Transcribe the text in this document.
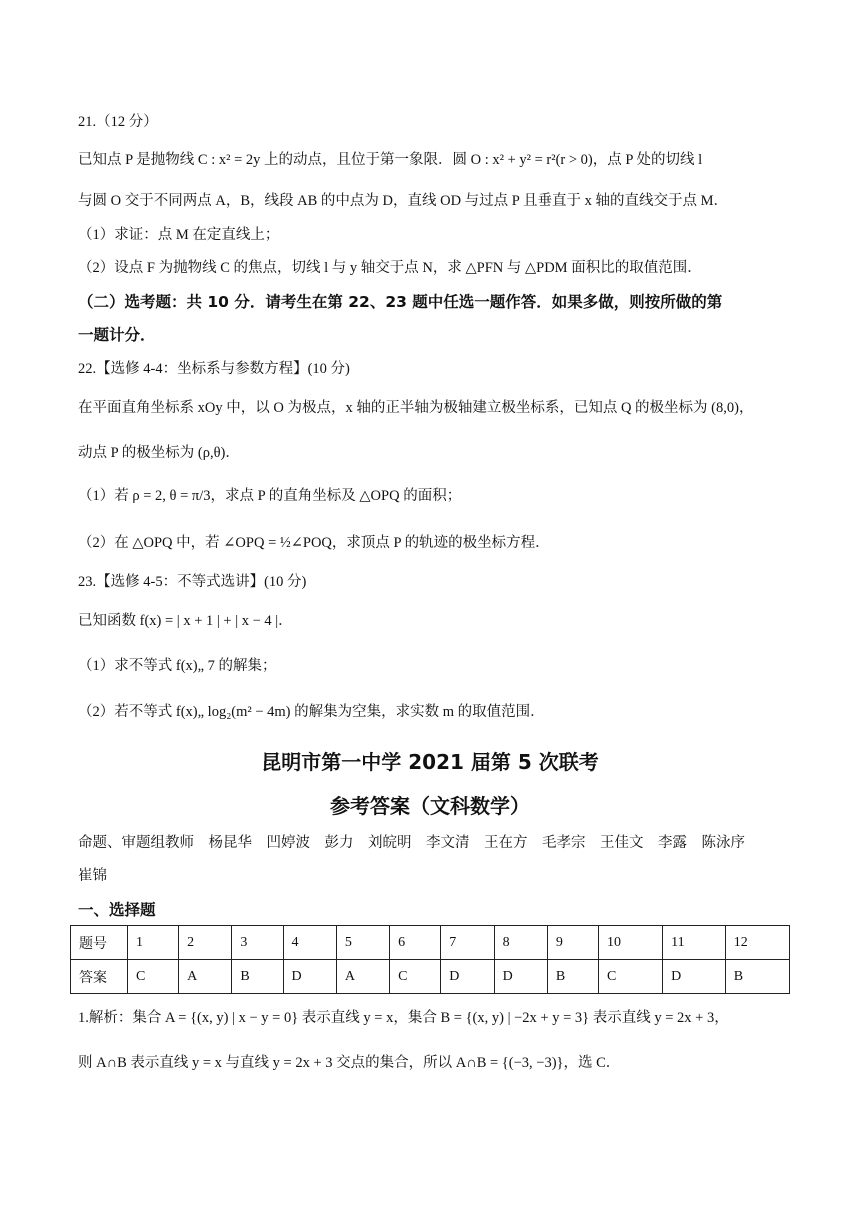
21.（12 分）
已知点 P 是抛物线 C : x² = 2y 上的动点，且位于第一象限．圆 O : x² + y² = r²(r > 0)，点 P 处的切线 l
与圆 O 交于不同两点 A，B，线段 AB 的中点为 D，直线 OD 与过点 P 且垂直于 x 轴的直线交于点 M．
（1）求证：点 M 在定直线上；
（2）设点 F 为抛物线 C 的焦点，切线 l 与 y 轴交于点 N，求 △PFN 与 △PDM 面积比的取值范围．
（二）选考题：共 10 分．请考生在第 22、23 题中任选一题作答．如果多做，则按所做的第
一题计分．
22.【选修 4-4：坐标系与参数方程】(10 分)
在平面直角坐标系 xOy 中，以 O 为极点，x 轴的正半轴为极轴建立极坐标系，已知点 Q 的极坐标为 (8,0)，
动点 P 的极坐标为 (ρ,θ)．
（1）若 ρ = 2, θ = π/3，求点 P 的直角坐标及 △OPQ 的面积；
（2）在 △OPQ 中，若 ∠OPQ = ½∠POQ，求顶点 P 的轨迹的极坐标方程．
23.【选修 4-5：不等式选讲】(10 分)
已知函数 f(x) = | x + 1 | + | x − 4 |．
（1）求不等式 f(x)„ 7 的解集；
（2）若不等式 f(x)„ log₂(m² − 4m) 的解集为空集，求实数 m 的取值范围．
昆明市第一中学 2021 届第 5 次联考
参考答案（文科数学）
命题、审题组教师　杨昆华　凹婷波　彭力　刘皖明　李文清　王在方　毛孝宗　王佳文　李露　陈泳序
崔锦
一、选择题
题号	1	2	3	4	5	6	7	8	9	10	11	12
答案	C	A	B	D	A	C	D	D	B	C	D	B
1.解析：集合 A = {(x, y) | x − y = 0} 表示直线 y = x，集合 B = {(x, y) | −2x + y = 3} 表示直线 y = 2x + 3，
则 A∩B 表示直线 y = x 与直线 y = 2x + 3 交点的集合，所以 A∩B = {(−3, −3)}，选 C．
